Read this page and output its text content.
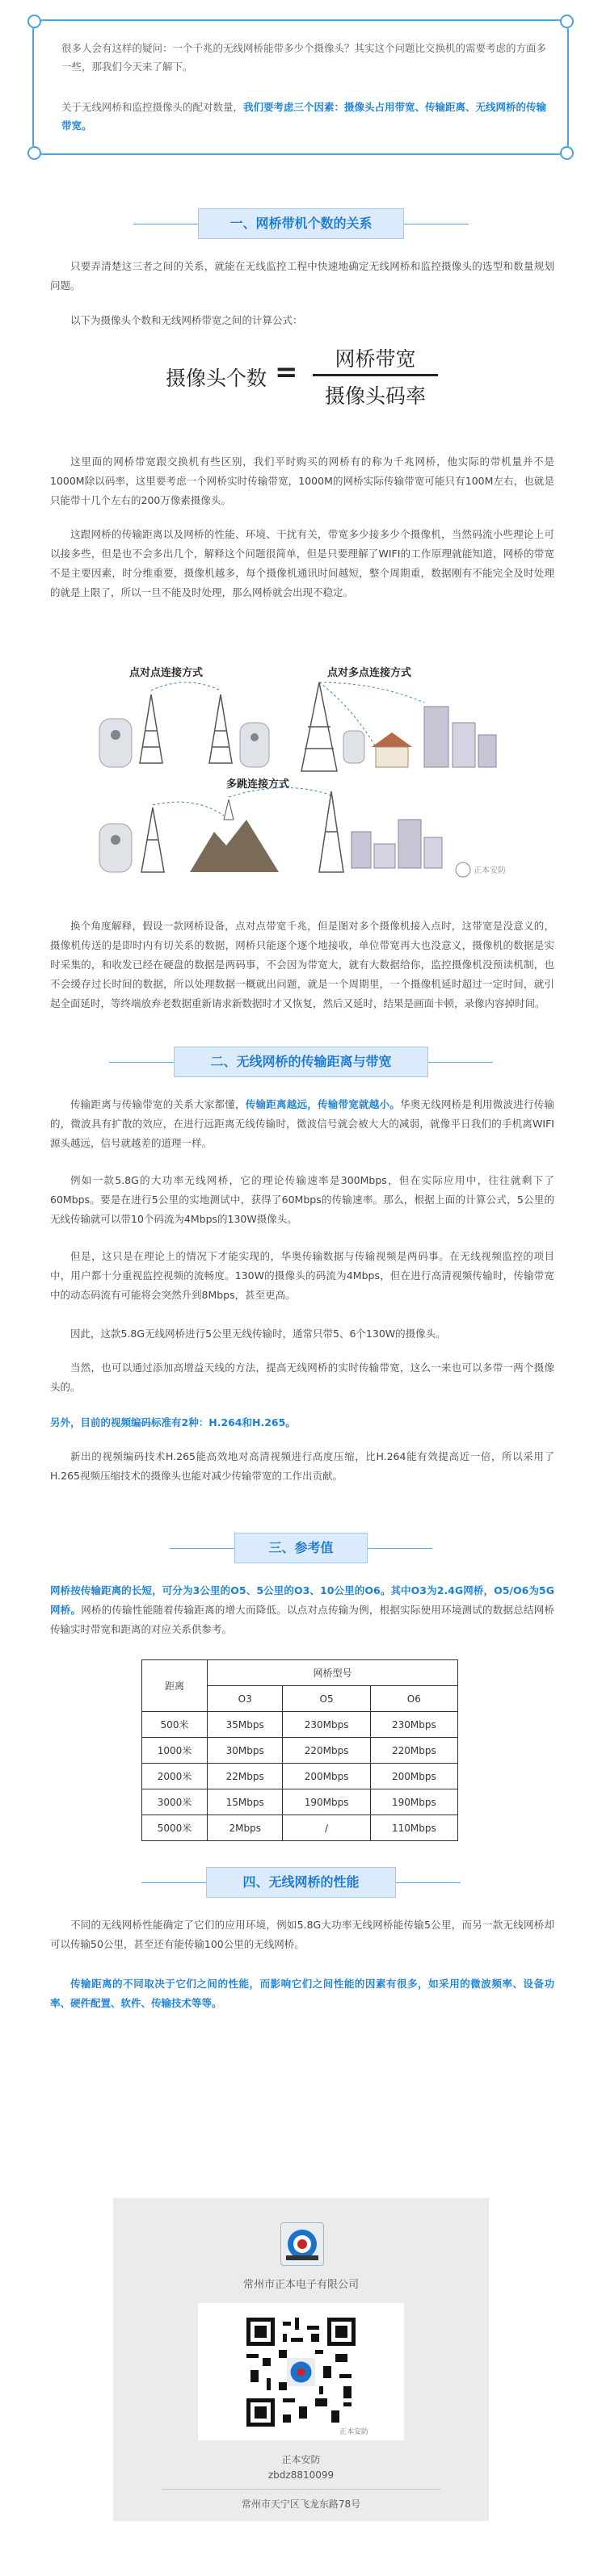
很多人会有这样的疑问：一个千兆的无线网桥能带多少个摄像头？其实这个问题比交换机的需要考虑的方面多一些，那我们今天来了解下。

关于无线网桥和监控摄像头的配对数量，我们要考虑三个因素：摄像头占用带宽、传输距离、无线网桥的传输带宽。

一、网桥带机个数的关系

只要弄清楚这三者之间的关系，就能在无线监控工程中快速地确定无线网桥和监控摄像头的选型和数量规划问题。

以下为摄像头个数和无线网桥带宽之间的计算公式：

摄像头个数 =	网桥带宽
摄像头码率

这里面的网桥带宽跟交换机有些区别，我们平时购买的网桥有的称为千兆网桥，他实际的带机量并不是1000M除以码率，这里要考虑一个网桥实时传输带宽，1000M的网桥实际传输带宽可能只有100M左右，也就是只能带十几个左右的200万像素摄像头。

这跟网桥的传输距离以及网桥的性能、环境、干扰有关，带宽多少接多少个摄像机，当然码流小些理论上可以接多些，但是也不会多出几个，解释这个问题很简单，但是只要理解了WIFI的工作原理就能知道，网桥的带宽不是主要因素，时分维重要，摄像机越多，每个摄像机通讯时间越短，整个周期重，数据刚有不能完全及时处理的就是上限了，所以一旦不能及时处理，那么网桥就会出现不稳定。

点对点连接方式	点对多点连接方式
多跳连接方式
正本安防

换个角度解释，假设一款网桥设备，点对点带宽千兆，但是图对多个摄像机接入点时，这带宽是没意义的，摄像机传送的是即时内有切关系的数据，网桥只能逐个逐个地接收，单位带宽再大也没意义，摄像机的数据是实时采集的，和收发已经在硬盘的数据是两码事，不会因为带宽大，就有大数据给你，监控摄像机没预读机制，也不会缓存过长时间的数据，所以处理数据一概就出问题，就是一个周期里，一个摄像机延时超过一定时间，就引起全面延时，等终端放弃老数据重新请求新数据时才又恢复，然后又延时，结果是画面卡顿，录像内容掉时间。

二、无线网桥的传输距离与带宽

传输距离与传输带宽的关系大家都懂，传输距离越远，传输带宽就越小。华奥无线网桥是利用微波进行传输的，微波具有扩散的效应，在进行远距离无线传输时，微波信号就会被大大的减弱，就像平日我们的手机离WIFI源头越远，信号就越差的道理一样。

例如一款5.8G的大功率无线网桥，它的理论传输速率是300Mbps，但在实际应用中，往往就剩下了60Mbps。要是在进行5公里的实地测试中，获得了60Mbps的传输速率。那么，根据上面的计算公式，5公里的无线传输就可以带10个码流为4Mbps的130W摄像头。

但是，这只是在理论上的情况下才能实现的，华奥传输数据与传输视频是两码事。在无线视频监控的项目中，用户都十分重视监控视频的流畅度。130W的摄像头的码流为4Mbps，但在进行高清视频传输时，传输带宽中的动态码流有可能将会突然升到8Mbps，甚至更高。

因此，这款5.8G无线网桥进行5公里无线传输时，通常只带5、6个130W的摄像头。

当然，也可以通过添加高增益天线的方法，提高无线网桥的实时传输带宽，这么一来也可以多带一两个摄像头的。

另外，目前的视频编码标准有2种：H.264和H.265。

新出的视频编码技术H.265能高效地对高清视频进行高度压缩，比H.264能有效提高近一倍，所以采用了H.265视频压缩技术的摄像头也能对减少传输带宽的工作出贡献。

三、参考值

网桥按传输距离的长短，可分为3公里的O5、5公里的O3、10公里的O6。其中O3为2.4G网桥，O5/O6为5G网桥。网桥的传输性能随着传输距离的增大而降低。以点对点传输为例，根据实际使用环境测试的数据总结网桥传输实时带宽和距离的对应关系供参考。

距离	网桥型号		
	O3	O5	O6
500米	35Mbps	230Mbps	230Mbps
1000米	30Mbps	220Mbps	220Mbps
2000米	22Mbps	200Mbps	200Mbps
3000米	15Mbps	190Mbps	190Mbps
5000米	2Mbps	/	110Mbps
四、无线网桥的性能

不同的无线网桥性能确定了它们的应用环境，例如5.8G大功率无线网桥能传输5公里，而另一款无线网桥却可以传输50公里，甚至还有能传输100公里的无线网桥。

传输距离的不同取决于它们之间的性能，而影响它们之间性能的因素有很多，如采用的微波频率、设备功率、硬件配置、软件、传输技术等等。

常州市正本电子有限公司
正本安防
正本安防
zbdz8810099
常州市天宁区飞龙东路78号
